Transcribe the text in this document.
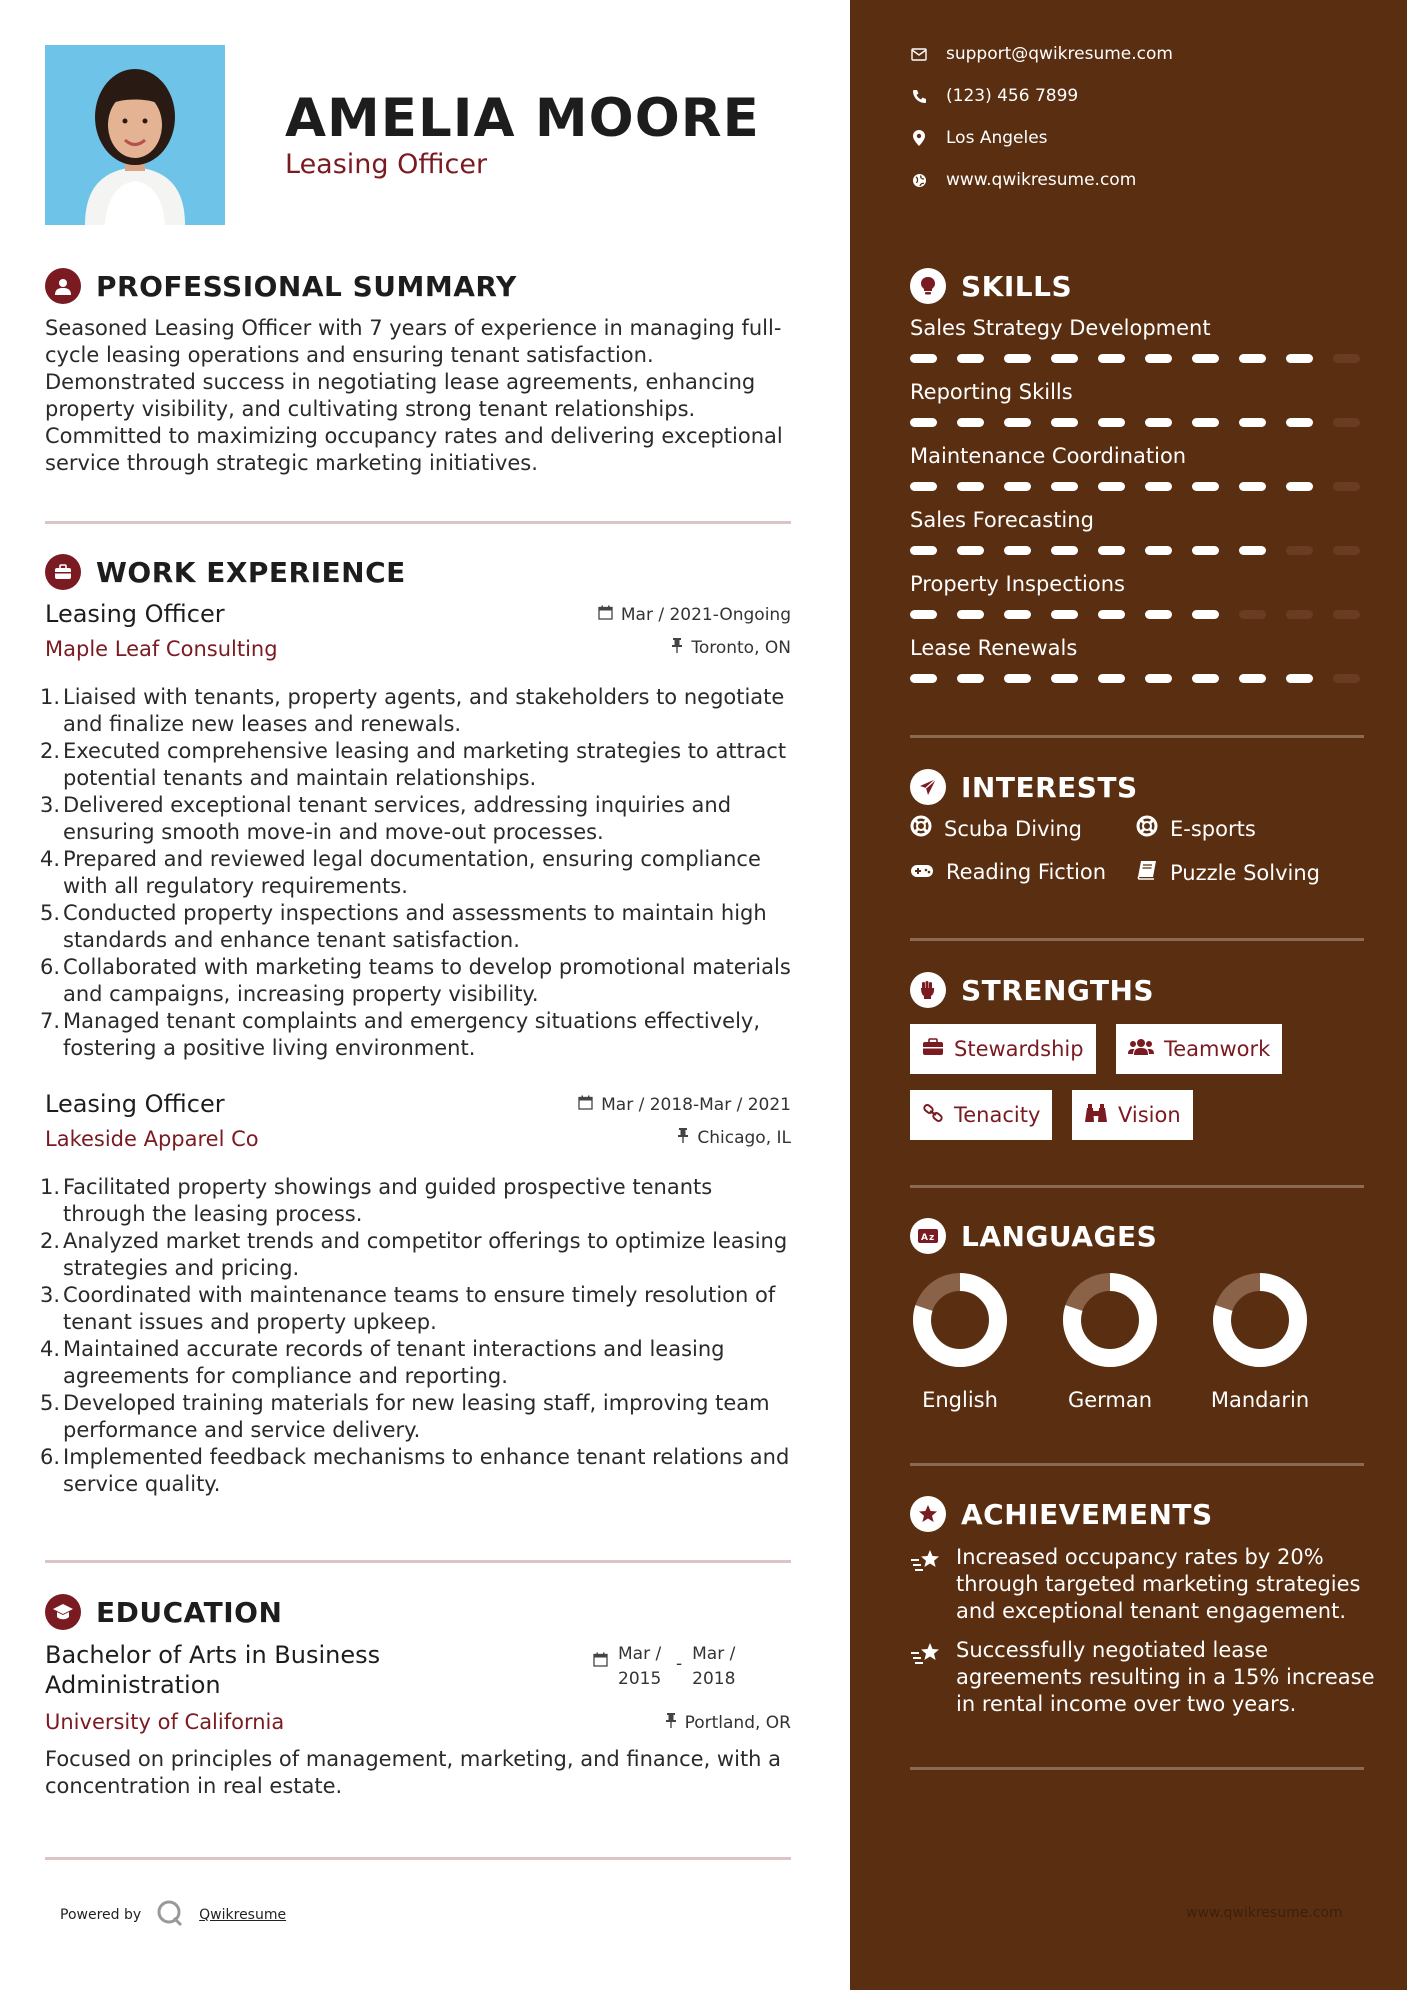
AMELIA MOORE
Leasing Officer
PROFESSIONAL SUMMARY
Seasoned Leasing Officer with 7 years of experience in managing full-cycle leasing operations and ensuring tenant satisfaction. Demonstrated success in negotiating lease agreements, enhancing property visibility, and cultivating strong tenant relationships. Committed to maximizing occupancy rates and delivering exceptional service through strategic marketing initiatives.
WORK EXPERIENCE
Leasing Officer
Maple Leaf Consulting
Mar / 2021-Ongoing
Toronto, ON
1. Liaised with tenants, property agents, and stakeholders to negotiate and finalize new leases and renewals.
2. Executed comprehensive leasing and marketing strategies to attract potential tenants and maintain relationships.
3. Delivered exceptional tenant services, addressing inquiries and ensuring smooth move-in and move-out processes.
4. Prepared and reviewed legal documentation, ensuring compliance with all regulatory requirements.
5. Conducted property inspections and assessments to maintain high standards and enhance tenant satisfaction.
6. Collaborated with marketing teams to develop promotional materials and campaigns, increasing property visibility.
7. Managed tenant complaints and emergency situations effectively, fostering a positive living environment.
Leasing Officer
Lakeside Apparel Co
Mar / 2018-Mar / 2021
Chicago, IL
1. Facilitated property showings and guided prospective tenants through the leasing process.
2. Analyzed market trends and competitor offerings to optimize leasing strategies and pricing.
3. Coordinated with maintenance teams to ensure timely resolution of tenant issues and property upkeep.
4. Maintained accurate records of tenant interactions and leasing agreements for compliance and reporting.
5. Developed training materials for new leasing staff, improving team performance and service delivery.
6. Implemented feedback mechanisms to enhance tenant relations and service quality.
EDUCATION
Bachelor of Arts in Business Administration
Mar / 2015
- Mar / 2018
University of California	Portland, OR
Focused on principles of management, marketing, and finance, with a concentration in real estate.
Powered by	Qwikresume
support@qwikresume.com
(123) 456 7899
Los Angeles
www.qwikresume.com
SKILLS
Sales Strategy Development
Reporting Skills
Maintenance Coordination
Sales Forecasting
Property Inspections
Lease Renewals
INTERESTS
Scuba Diving	E-sports
Reading Fiction	Puzzle Solving
STRENGTHS
Stewardship	Teamwork
Tenacity	Vision
A z LANGUAGES
English	German	Mandarin
ACHIEVEMENTS
Increased occupancy rates by 20% through targeted marketing strategies and exceptional tenant engagement.
Successfully negotiated lease agreements resulting in a 15% increase in rental income over two years.
www.qwikresume.com
